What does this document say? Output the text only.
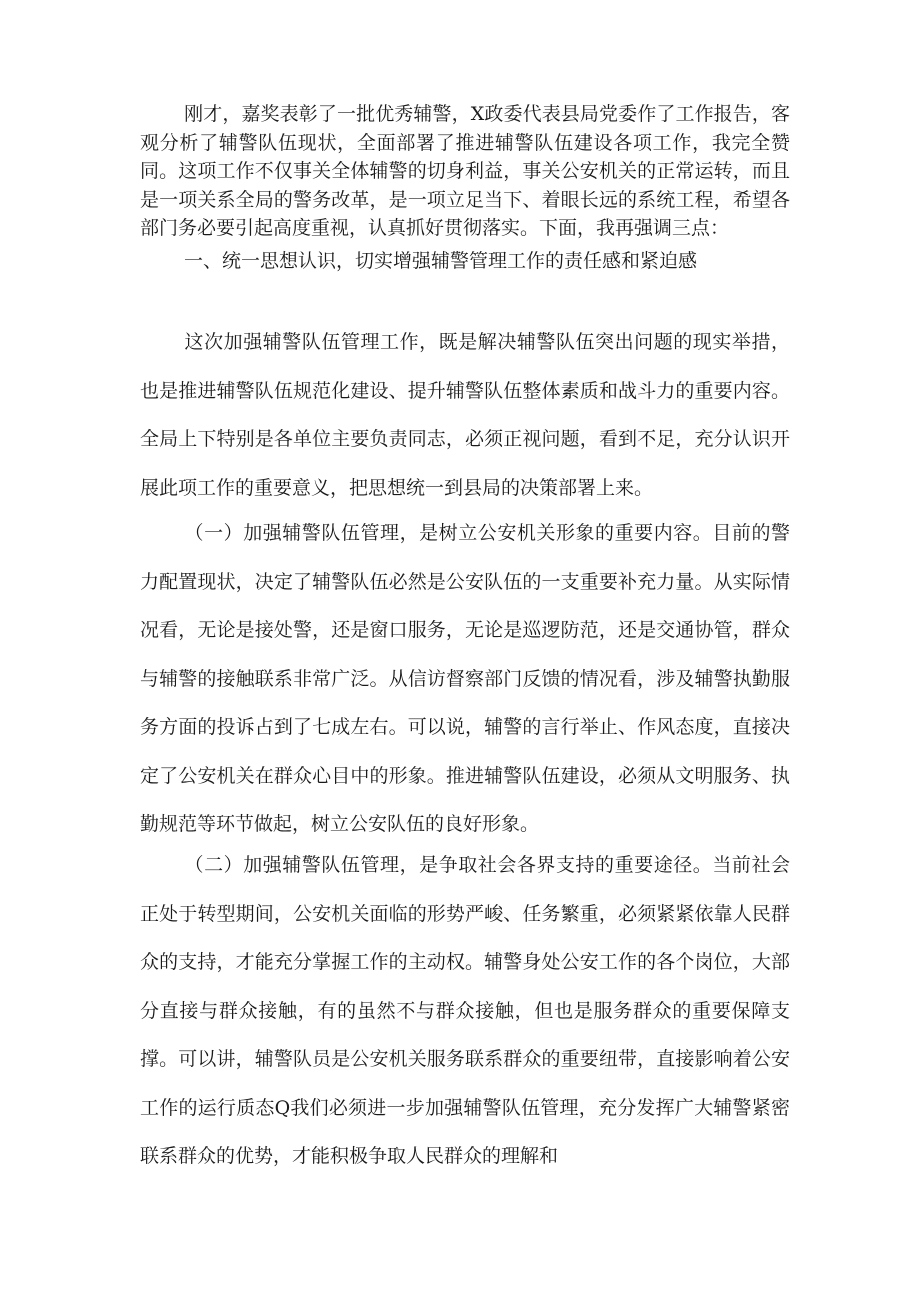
刚才，嘉奖表彰了一批优秀辅警，X政委代表县局党委作了工作报告，客观分析了辅警队伍现状，全面部署了推进辅警队伍建设各项工作，我完全赞同。这项工作不仅事关全体辅警的切身利益，事关公安机关的正常运转，而且是一项关系全局的警务改革，是一项立足当下、着眼长远的系统工程，希望各部门务必要引起高度重视，认真抓好贯彻落实。下面，我再强调三点：

一、统一思想认识，切实增强辅警管理工作的责任感和紧迫感

这次加强辅警队伍管理工作，既是解决辅警队伍突出问题的现实举措，也是推进辅警队伍规范化建设、提升辅警队伍整体素质和战斗力的重要内容。全局上下特别是各单位主要负责同志，必须正视问题，看到不足，充分认识开展此项工作的重要意义，把思想统一到县局的决策部署上来。

（一）加强辅警队伍管理，是树立公安机关形象的重要内容。目前的警力配置现状，决定了辅警队伍必然是公安队伍的一支重要补充力量。从实际情况看，无论是接处警，还是窗口服务，无论是巡逻防范，还是交通协管，群众与辅警的接触联系非常广泛。从信访督察部门反馈的情况看，涉及辅警执勤服务方面的投诉占到了七成左右。可以说，辅警的言行举止、作风态度，直接决定了公安机关在群众心目中的形象。推进辅警队伍建设，必须从文明服务、执勤规范等环节做起，树立公安队伍的良好形象。

（二）加强辅警队伍管理，是争取社会各界支持的重要途径。当前社会正处于转型期间，公安机关面临的形势严峻、任务繁重，必须紧紧依靠人民群众的支持，才能充分掌握工作的主动权。辅警身处公安工作的各个岗位，大部分直接与群众接触，有的虽然不与群众接触，但也是服务群众的重要保障支撑。可以讲，辅警队员是公安机关服务联系群众的重要纽带，直接影响着公安工作的运行质态Q我们必须进一步加强辅警队伍管理，充分发挥广大辅警紧密联系群众的优势，才能积极争取人民群众的理解和
